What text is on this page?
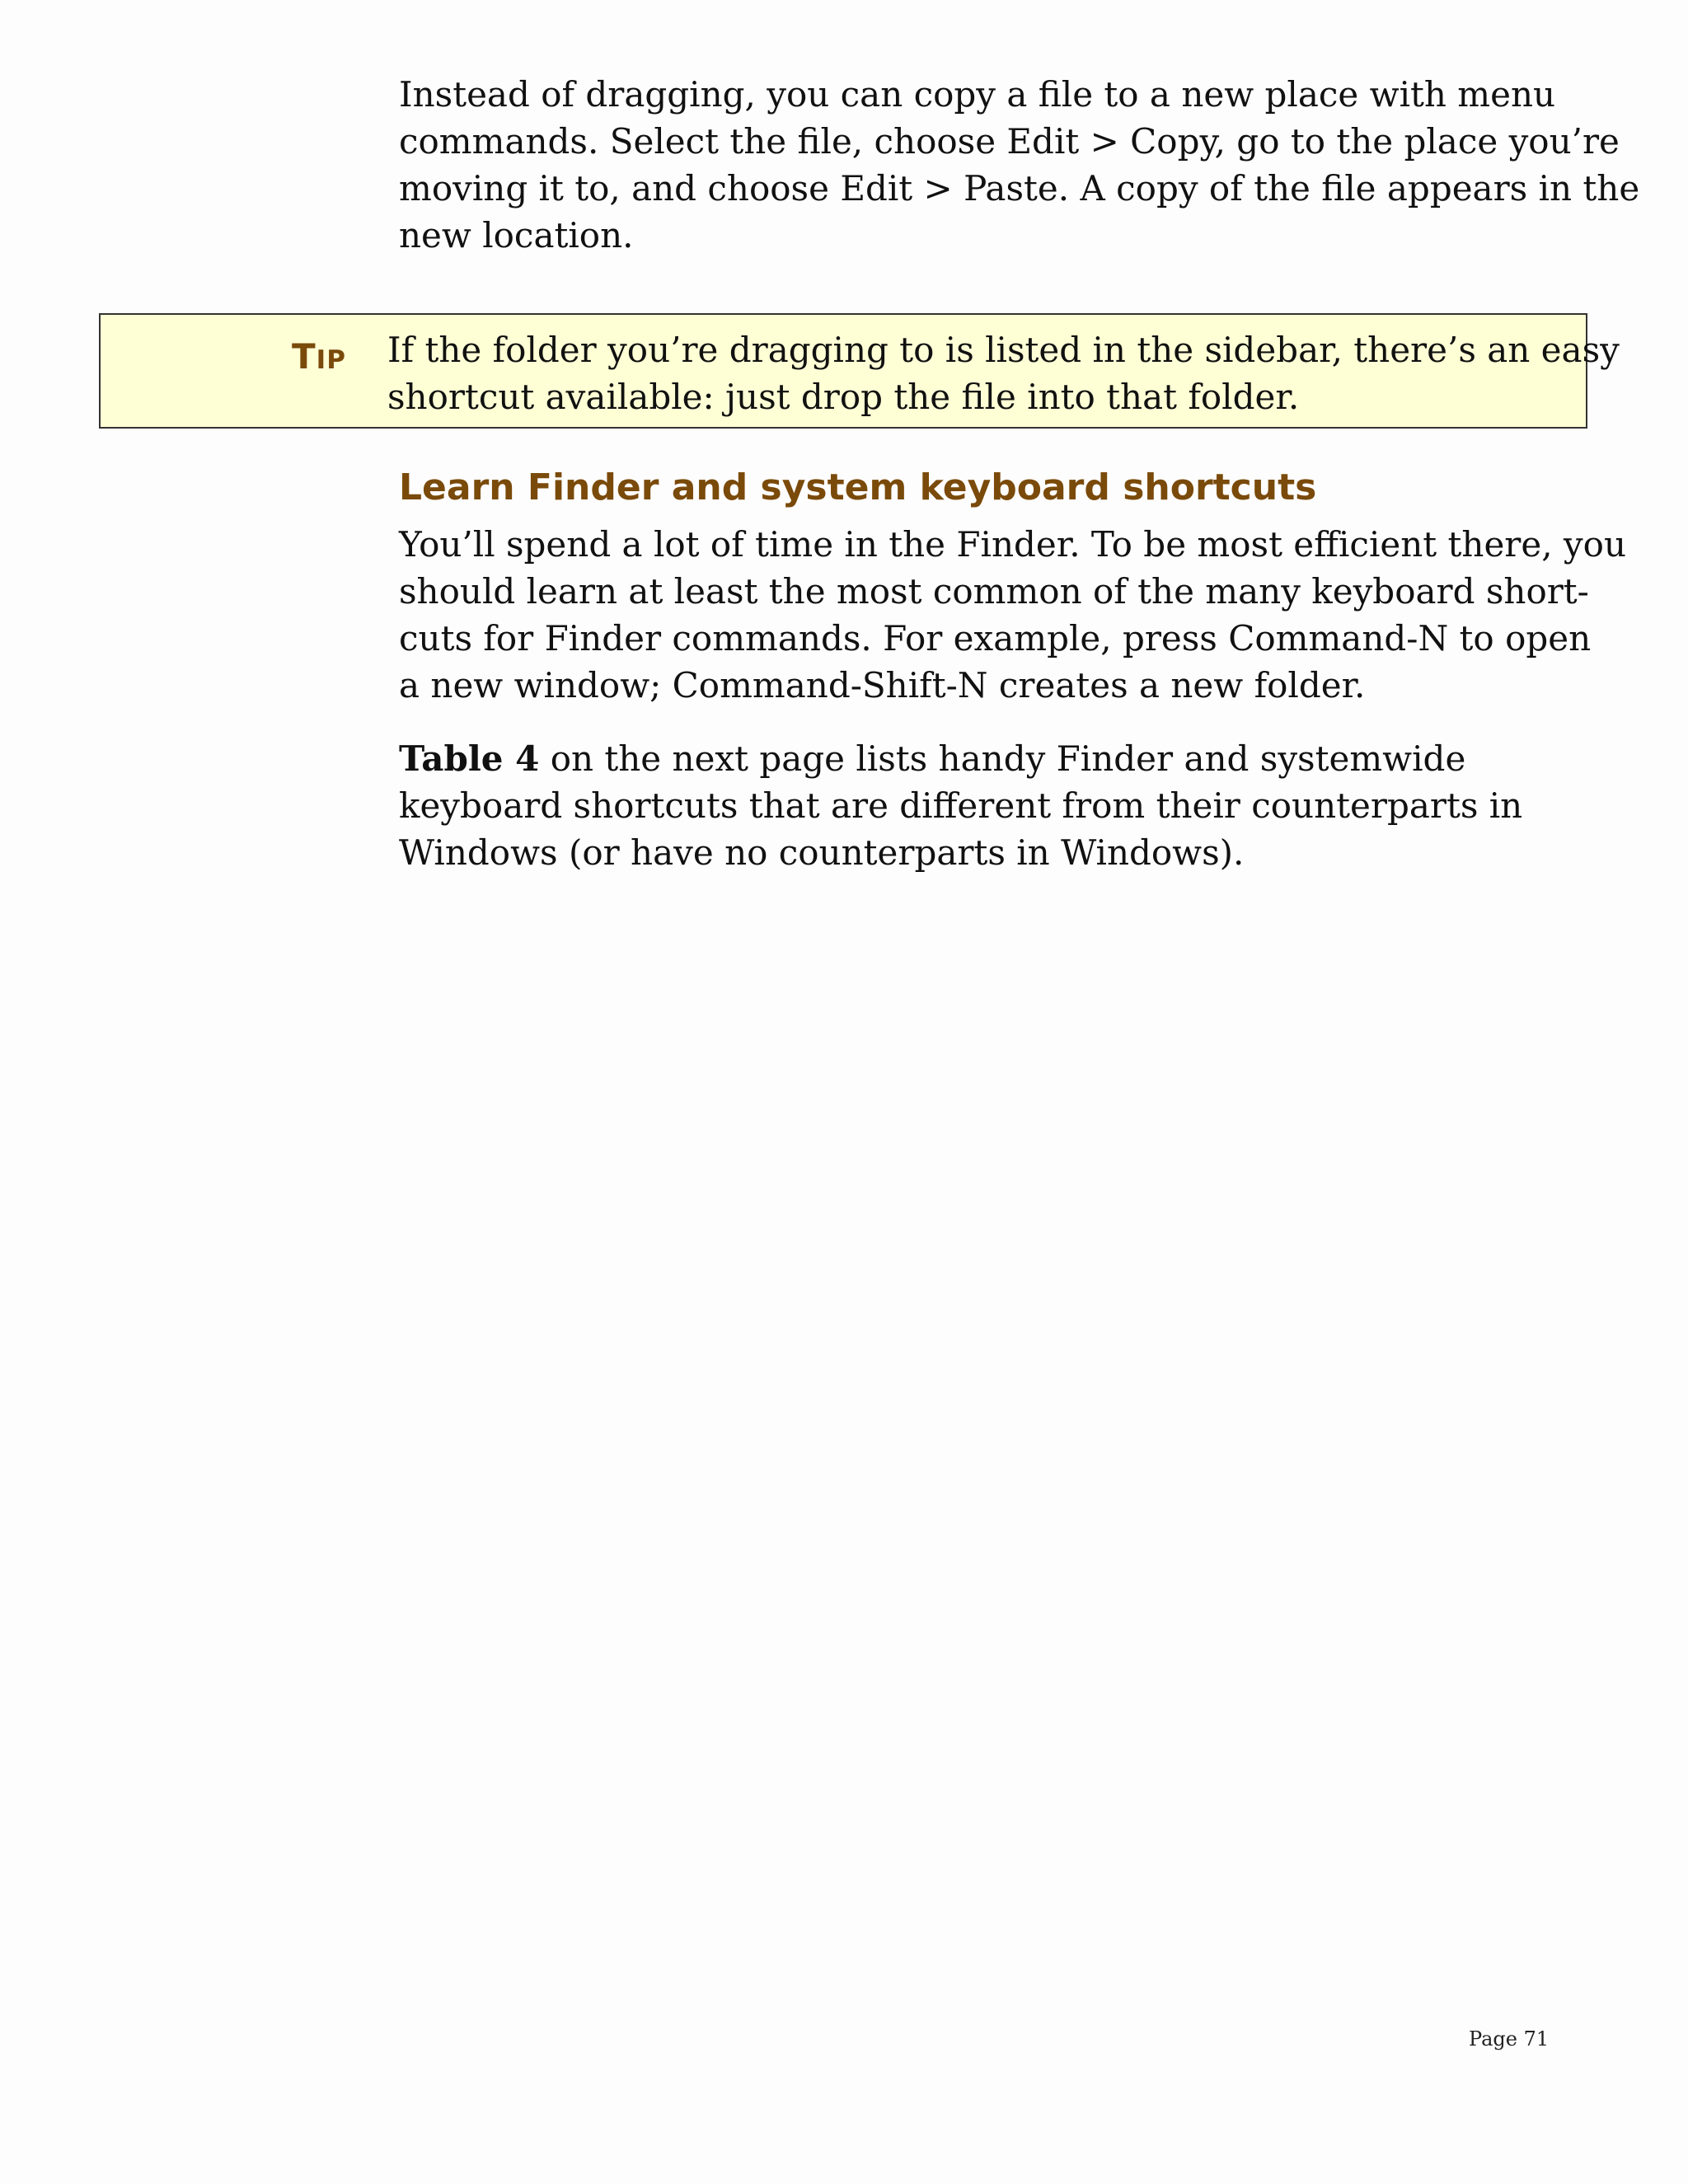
Instead of dragging, you can copy a file to a new place with menu
commands. Select the file, choose Edit > Copy, go to the place you’re
moving it to, and choose Edit > Paste. A copy of the file appears in the
new location.
TIP If the folder you’re dragging to is listed in the sidebar, there’s an easy
shortcut available: just drop the file into that folder.
Learn Finder and system keyboard shortcuts
You’ll spend a lot of time in the Finder. To be most efficient there, you
should learn at least the most common of the many keyboard short-
cuts for Finder commands. For example, press Command-N to open
a new window; Command-Shift-N creates a new folder.
Table 4 on the next page lists handy Finder and systemwide
keyboard shortcuts that are different from their counterparts in
Windows (or have no counterparts in Windows).
Page 71
